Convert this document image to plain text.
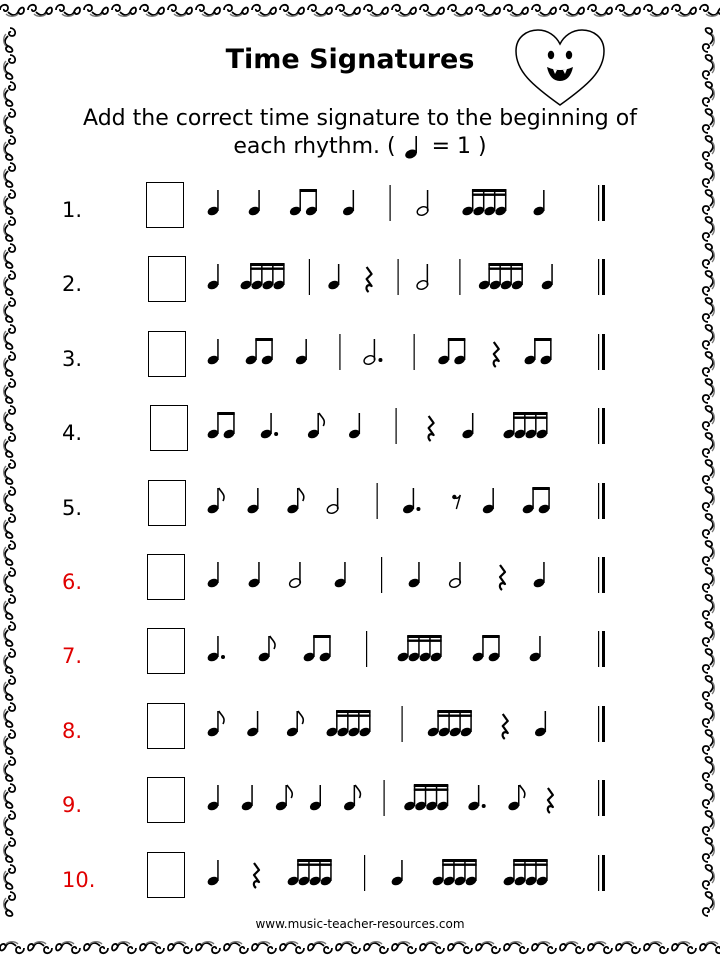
Time Signatures
Add the correct time signature to the beginning of
each rhythm. ( = 1 )
1.
2.
3.
4.
5.
6.
7.
8.
9.
10.
www.music-teacher-resources.com
